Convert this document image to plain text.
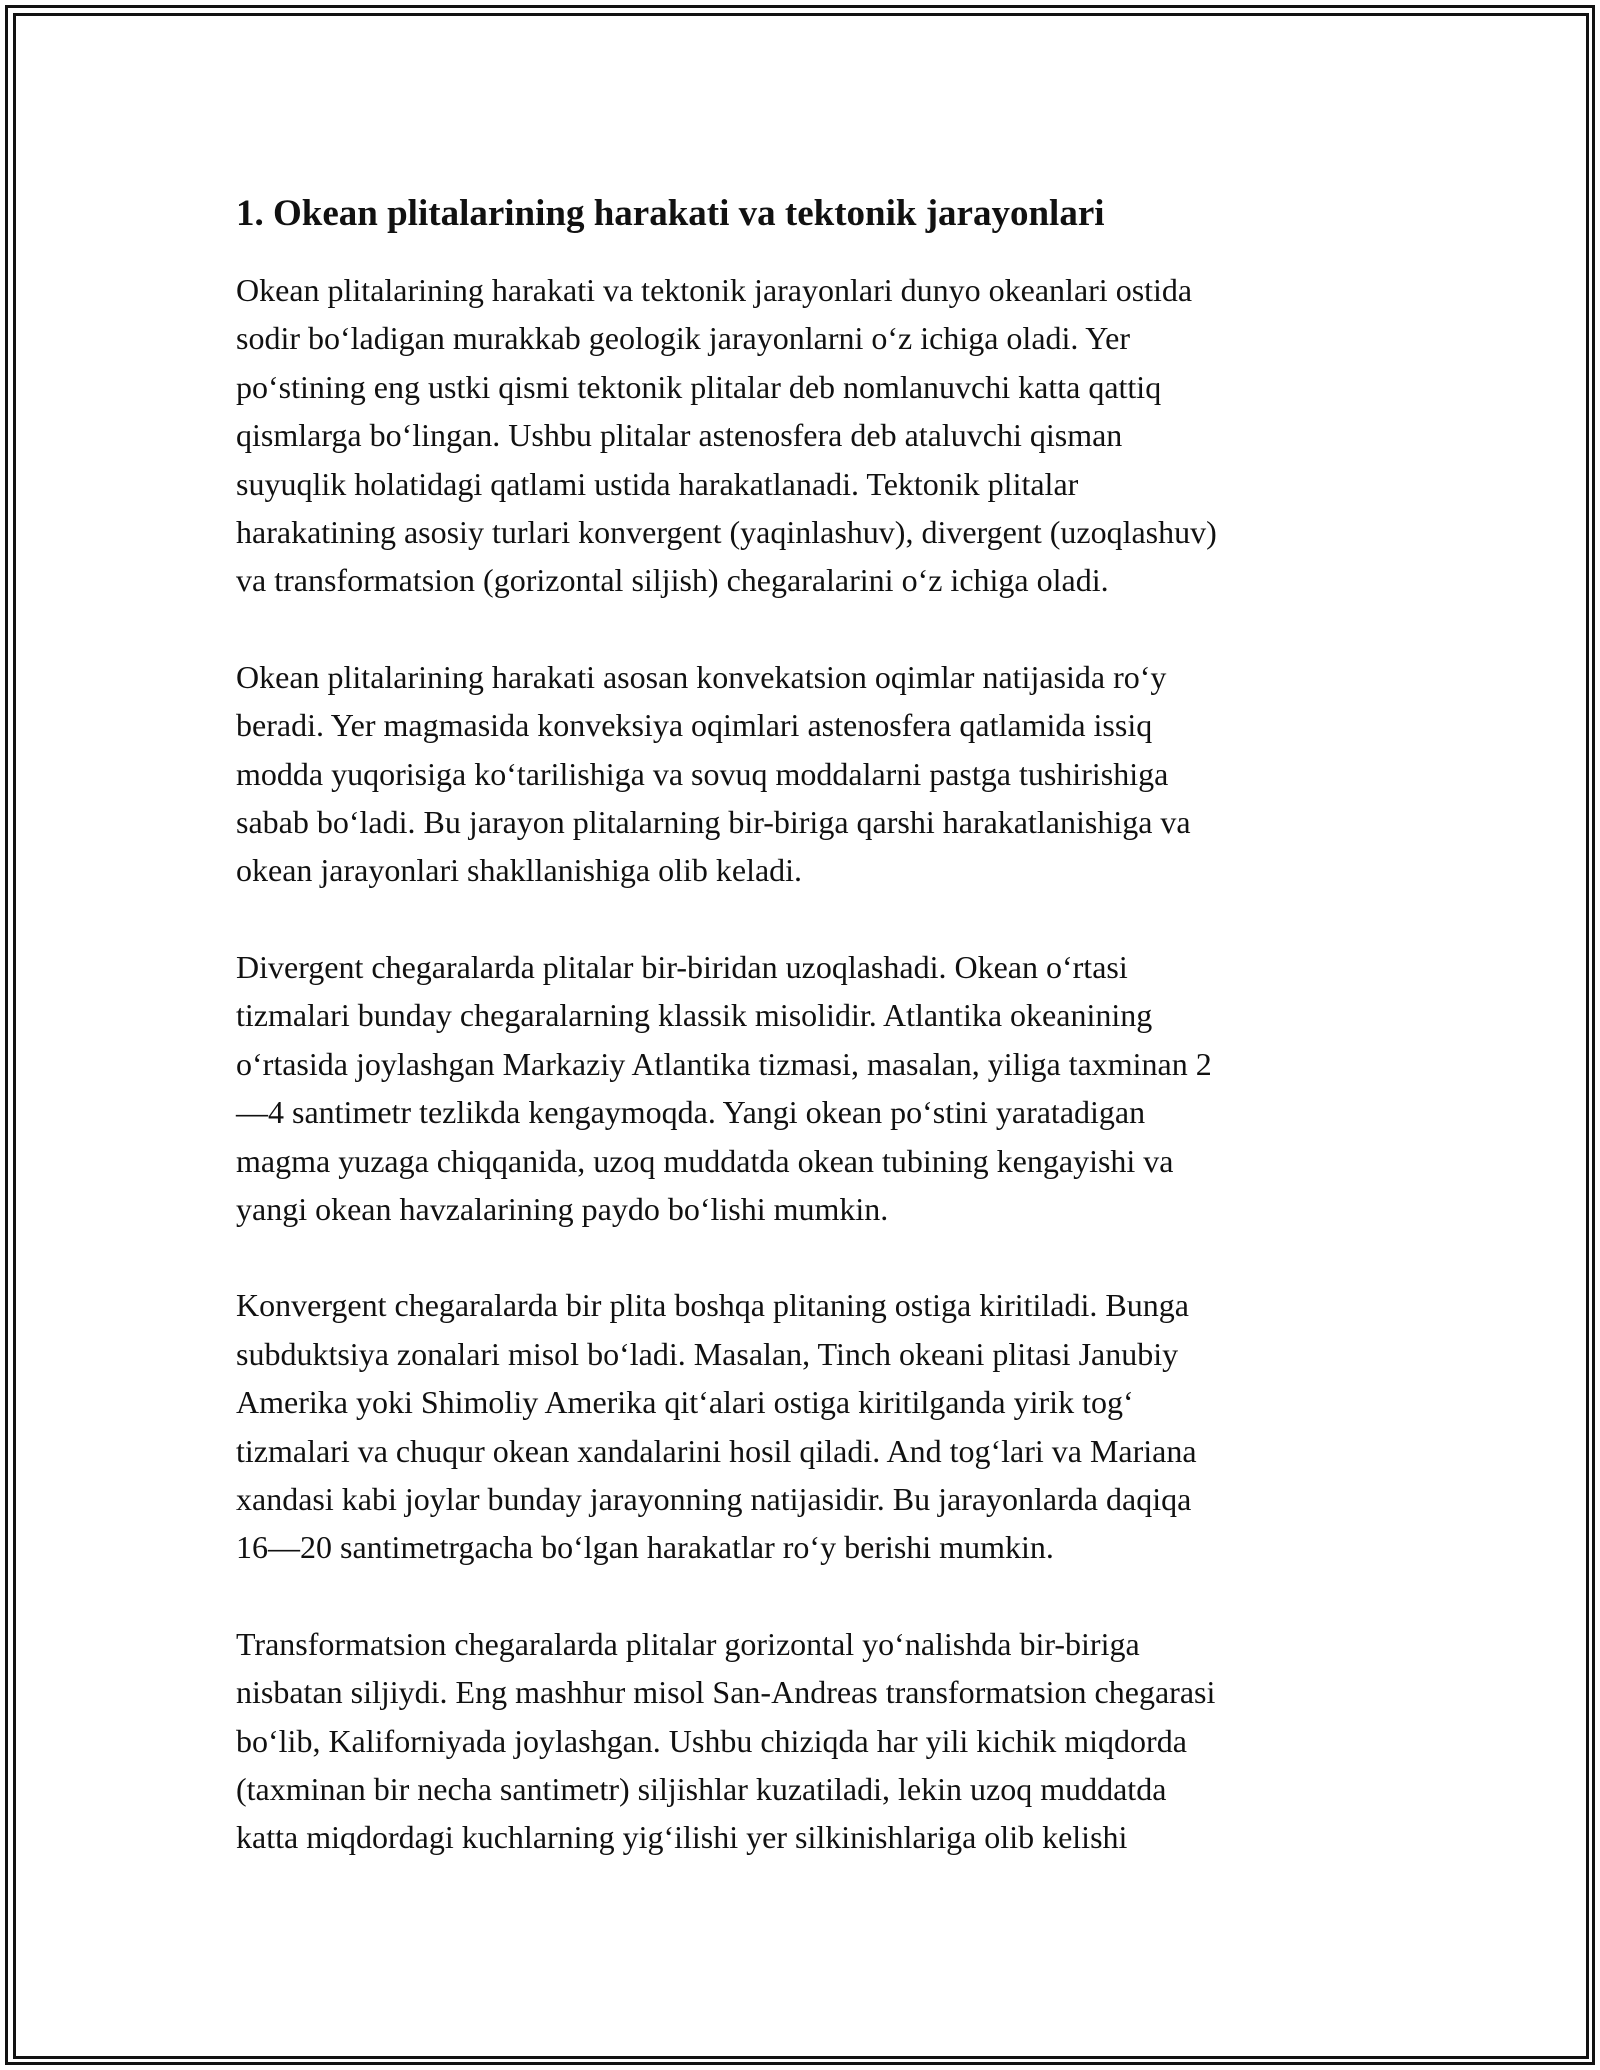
1. Okean plitalarining harakati va tektonik jarayonlari

Okean plitalarining harakati va tektonik jarayonlari dunyo okeanlari ostida
sodir bo‘ladigan murakkab geologik jarayonlarni o‘z ichiga oladi. Yer
po‘stining eng ustki qismi tektonik plitalar deb nomlanuvchi katta qattiq
qismlarga bo‘lingan. Ushbu plitalar astenosfera deb ataluvchi qisman
suyuqlik holatidagi qatlami ustida harakatlanadi. Tektonik plitalar
harakatining asosiy turlari konvergent (yaqinlashuv), divergent (uzoqlashuv)
va transformatsion (gorizontal siljish) chegaralarini o‘z ichiga oladi.

Okean plitalarining harakati asosan konvekatsion oqimlar natijasida ro‘y
beradi. Yer magmasida konveksiya oqimlari astenosfera qatlamida issiq
modda yuqorisiga ko‘tarilishiga va sovuq moddalarni pastga tushirishiga
sabab bo‘ladi. Bu jarayon plitalarning bir-biriga qarshi harakatlanishiga va
okean jarayonlari shakllanishiga olib keladi.

Divergent chegaralarda plitalar bir-biridan uzoqlashadi. Okean o‘rtasi
tizmalari bunday chegaralarning klassik misolidir. Atlantika okeanining
o‘rtasida joylashgan Markaziy Atlantika tizmasi, masalan, yiliga taxminan 2
—4 santimetr tezlikda kengaymoqda. Yangi okean po‘stini yaratadigan
magma yuzaga chiqqanida, uzoq muddatda okean tubining kengayishi va
yangi okean havzalarining paydo bo‘lishi mumkin.

Konvergent chegaralarda bir plita boshqa plitaning ostiga kiritiladi. Bunga
subduktsiya zonalari misol bo‘ladi. Masalan, Tinch okeani plitasi Janubiy
Amerika yoki Shimoliy Amerika qit‘alari ostiga kiritilganda yirik tog‘
tizmalari va chuqur okean xandalarini hosil qiladi. And tog‘lari va Mariana
xandasi kabi joylar bunday jarayonning natijasidir. Bu jarayonlarda daqiqa
16—20 santimetrgacha bo‘lgan harakatlar ro‘y berishi mumkin.

Transformatsion chegaralarda plitalar gorizontal yo‘nalishda bir-biriga
nisbatan siljiydi. Eng mashhur misol San-Andreas transformatsion chegarasi
bo‘lib, Kaliforniyada joylashgan. Ushbu chiziqda har yili kichik miqdorda
(taxminan bir necha santimetr) siljishlar kuzatiladi, lekin uzoq muddatda
katta miqdordagi kuchlarning yig‘ilishi yer silkinishlariga olib kelishi
